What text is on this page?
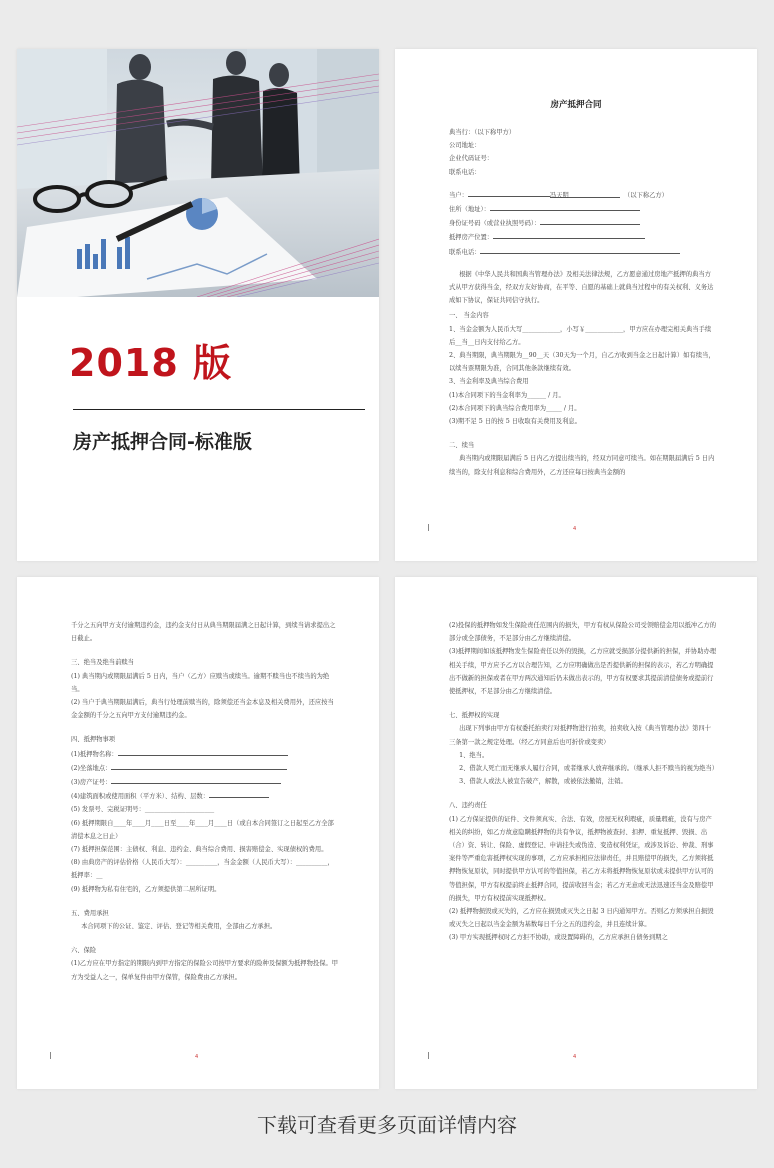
2018 版
房产抵押合同-标准版
房产抵押合同

典当行：（以下称甲方）

公司地址：

企业代码证号：

联系电话：

当户：	冯天明	（以下称乙方）

住所（地址）：

身份证号码（或营业执照号码）：

抵押房产位置：

联系电话：

根据《中华人民共和国典当管理办法》及相关法律法规，乙方愿意通过房地产抵押的典当方式从甲方获得当金，经双方友好协商，在平等、自愿的基础上就典当过程中的有关权利、义务达成如下协议，保证共同信守执行。

一、 当金内容

1、当金金额为人民币大写____________，小写￥____________，甲方应在办理完相关典当手续后__当__日内支付给乙方。

2、典当期限，典当期限为__90__天（30天为一个月，自乙方收到当金之日起计算）如有续当，以续当票期限为准，合同其他条款继续有效。

3、当金利率及典当综合费用

(1)本合同项下的当金利率为______ / 月。

(2)本合同项下的典当综合费用率为_____ / 月。

(3)期不足 5 日的按 5 日收取有关费用及利息。

二、续当

典当期内或期限届满后 5 日内乙方提出续当的，经双方同意可续当。如在期限届满后 5 日内续当的，除支付利息和综合费用外，乙方还应每日按典当金额的

4

千分之五向甲方支付逾期违约金，违约金支付日从典当期限届满之日起计算，到续当请求提出之日截止。

三、绝当及绝当前赎当

(1) 典当期内或期限届满后 5 日内，当户（乙方）应赎当或续当。逾期不赎当也不续当的为绝当。

(2) 当户于典当期限届满后，典当行处理前赎当的，除须偿还当金本息及相关费用外，还应按当金金额的千分之五向甲方支付逾期违约金。

四、抵押物事项

(1)抵押物名称：

(2)坐落地点：

(3)房产证号：

(4)建筑面积或使用面积（平方米）、结构、层数：

(5) 发票号、完税证明号：______________________

(6) 抵押期限自____年____月____日至____年____月____日（或自本合同签订之日起至乙方全部清偿本息之日止）

(7) 抵押担保范围：主债权、利息、违约金、典当综合费用、损害赔偿金、实现债权的费用。

(8) 由典房产的评估价格（人民币大写）：__________，当金金额（人民币大写）：__________，抵押率：__

(9) 抵押物为私有住宅的，乙方须提供第二居所证明。

五、费用承担

本合同项下的公证、鉴定、评估、登记等相关费用，全部由乙方承担。

六、保险

(1)乙方应在甲方指定的期限内到甲方指定的保险公司按甲方要求的险种及保额为抵押物投保。甲方为受益人之一，保单复件由甲方保管，保险费由乙方承担。

4

(2)投保的抵押物如发生保险责任范围内的损失，甲方有权从保险公司受领赔偿金用以抵冲乙方的部分或全部债务，不足部分由乙方继续清偿。

(3)抵押期间如该抵押物发生保险责任以外的毁损，乙方应就受损部分提供新的担保，并协助办理相关手续，甲方应予乙方以合理告知，乙方应明确做出是否提供新的担保的表示，若乙方明确提出不做新的担保或者在甲方两次通知后仍未做出表示的，甲方有权要求其提前清偿债务或提前行使抵押权，不足部分由乙方继续清偿。

七、抵押权的实现

出现下列事由甲方有权委托拍卖行对抵押物进行拍卖，拍卖收入按《典当管理办法》第四十三条第一款之规定处理。（经乙方同意后也可折价或变卖）

1、绝当。

2、借款人死亡而无继承人履行合同，或者继承人放弃继承的。（继承人拒不赎当的视为绝当）

3、借款人或法人被宣告破产，解散，或被依法撤销，注销。

八、违约责任

(1) 乙方保证提供的证件、文件须真实、合法、有效，房屋无权利瑕疵，质量瑕疵，没有与房产相关的纠纷，如乙方故意隐瞒抵押物的共有争议，抵押物被查封、扣押、重复抵押、毁损、出（合）资、转让、保险、虚假登记、申请挂失或伪造、变造权利凭证，或涉及诉讼、仲裁、刑事案件等严重危害抵押权实现的事项，乙方应承担相应法律责任，并且赔偿甲的损失，乙方须将抵押物恢复原状，同时提供甲方认可的等值担保，若乙方未将抵押物恢复原状或未提供甲方认可的等值担保，甲方有权提前终止抵押合同，提前收回当金；若乙方无意或无法迅速还当金及赔偿甲的损失，甲方有权提前实现抵押权。

(2) 抵押物损毁或灭失的，乙方应在损毁或灭失之日起 3 日内通知甲方。否则乙方须承担自损毁或灭失之日起以当金金额为基数每日千分之五的违约金，并且连续计算。

(3) 甲方实现抵押权时乙方拒不协助，或设置障碍的，乙方应承担自债务到期之

4
下载可查看更多页面详情内容
